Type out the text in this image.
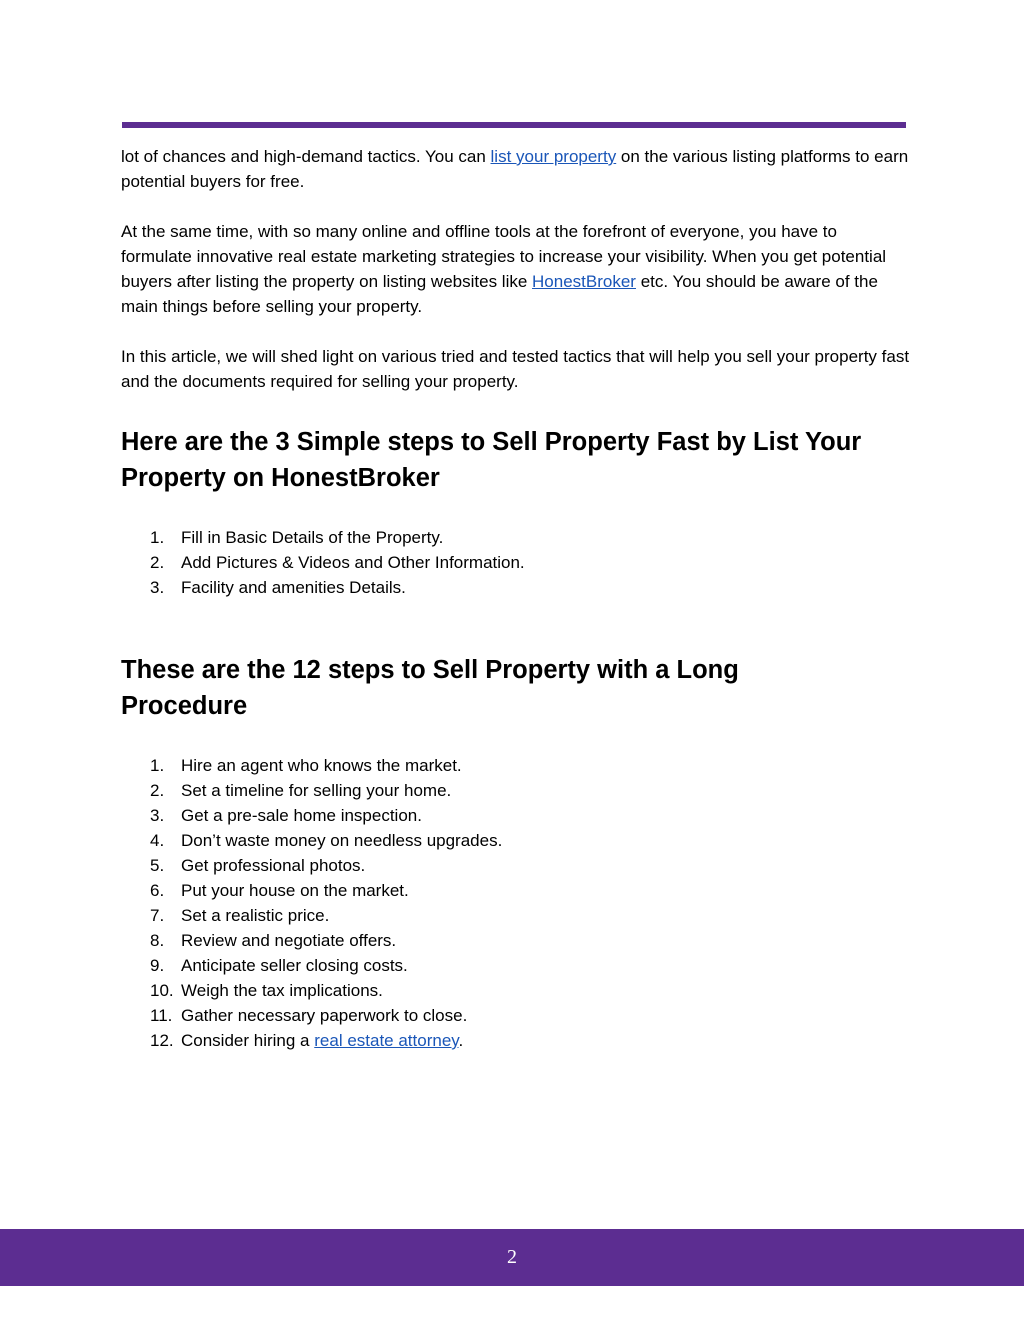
lot of chances and high-demand tactics. You can list your property on the various listing platforms to earn potential buyers for free.

At the same time, with so many online and offline tools at the forefront of everyone, you have to formulate innovative real estate marketing strategies to increase your visibility. When you get potential buyers after listing the property on listing websites like HonestBroker etc. You should be aware of the main things before selling your property.

In this article, we will shed light on various tried and tested tactics that will help you sell your property fast and the documents required for selling your property.

Here are the 3 Simple steps to Sell Property Fast by List Your Property on HonestBroker
1. Fill in Basic Details of the Property.
2. Add Pictures & Videos and Other Information.
3. Facility and amenities Details.
These are the 12 steps to Sell Property with a Long Procedure
1. Hire an agent who knows the market.
2. Set a timeline for selling your home.
3. Get a pre-sale home inspection.
4. Don’t waste money on needless upgrades.
5. Get professional photos.
6. Put your house on the market.
7. Set a realistic price.
8. Review and negotiate offers.
9. Anticipate seller closing costs.
10. Weigh the tax implications.
11. Gather necessary paperwork to close.
12. Consider hiring a real estate attorney.
2
